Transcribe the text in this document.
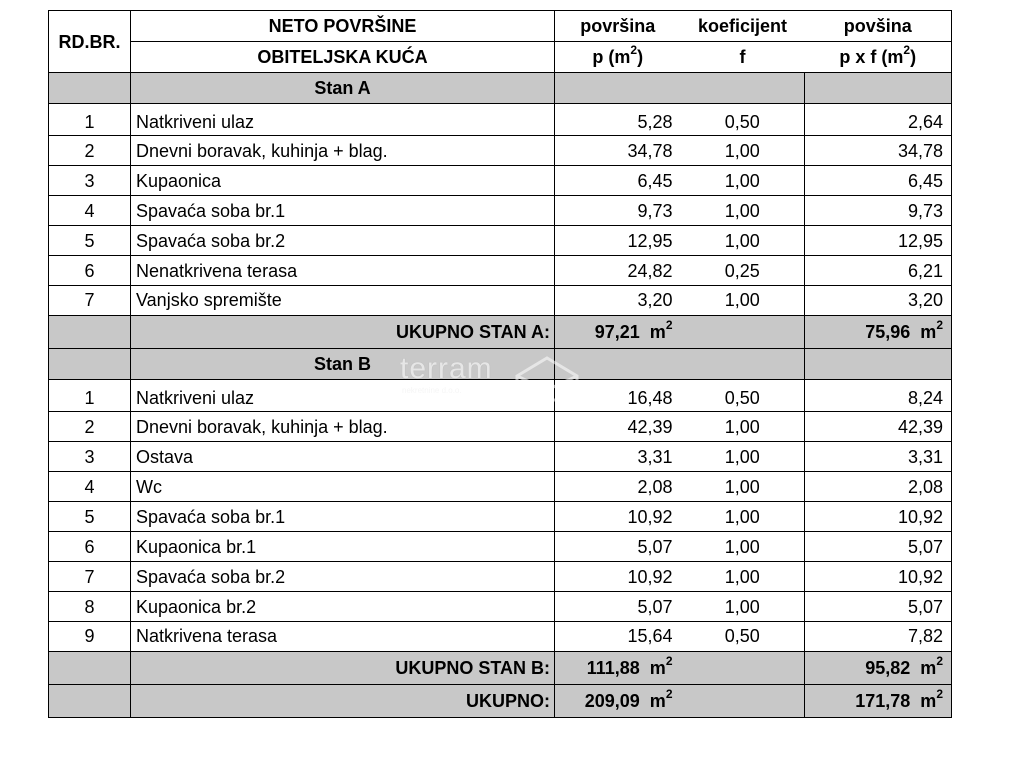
RD.BR.	NETO POVRŠINE	površina	koeficijent	povšina
	OBITELJSKA KUĆA	p $(m^2)$	f	p x f $(m^2)$
	Stan A			
1	Natkriveni ulaz	5,28	0,50	2,64
2	Dnevni boravak, kuhinja + blag.	34,78	1,00	34,78
3	Kupaonica	6,45	1,00	6,45
4	Spavaća soba br.1	9,73	1,00	9,73
5	Spavaća soba br.2	12,95	1,00	12,95
6	Nenatkrivena terasa	24,82	0,25	6,21
7	Vanjsko spremište	3,20	1,00	3,20
	UKUPNO STAN A:	97,21 $m^2$		75,96 $m^2$
	Stan B			
1	Natkriveni ulaz	16,48	0,50	8,24
2	Dnevni boravak, kuhinja + blag.	42,39	1,00	42,39
3	Ostava	3,31	1,00	3,31
4	Wc	2,08	1,00	2,08
5	Spavaća soba br.1	10,92	1,00	10,92
6	Kupaonica br.1	5,07	1,00	5,07
7	Spavaća soba br.2	10,92	1,00	10,92
8	Kupaonica br.2	5,07	1,00	5,07
9	Natkrivena terasa	15,64	0,50	7,82
	UKUPNO STAN B:	111,88 $m^2$		95,82 $m^2$
	UKUPNO:	209,09 $m^2$		171,78 $m^2$
terram
nekretnine d.o.o.
